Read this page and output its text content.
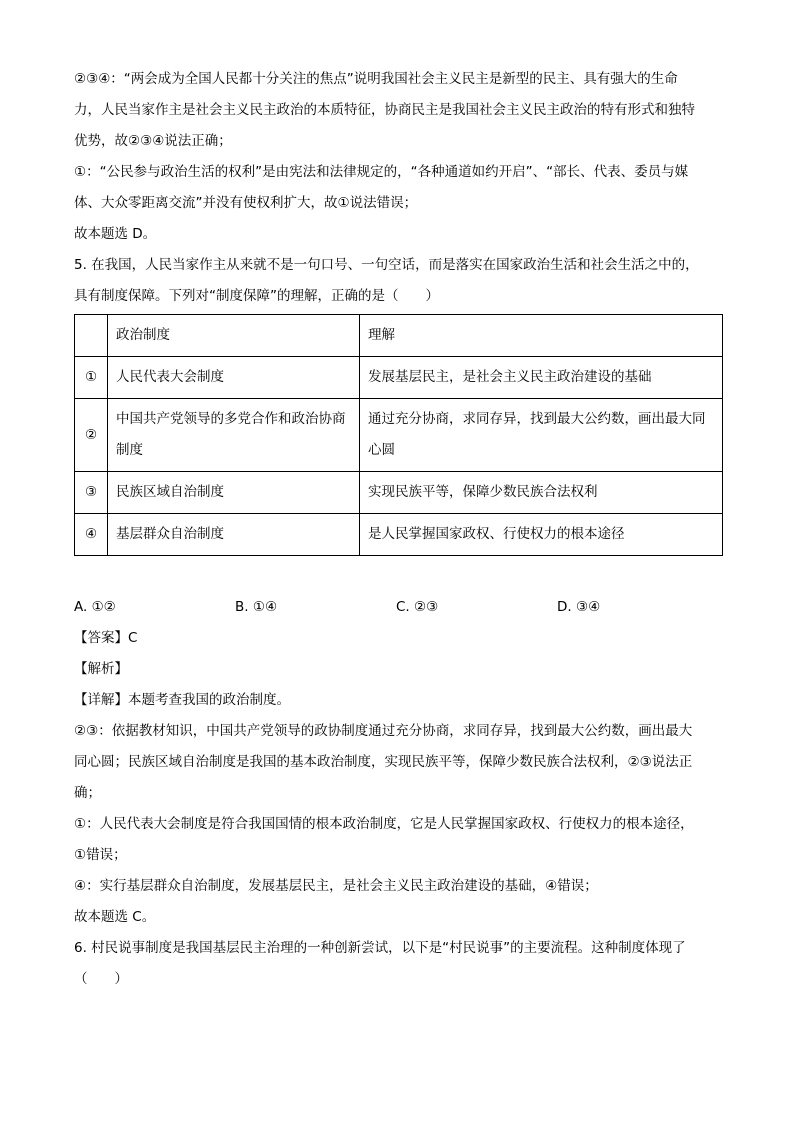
②③④：“两会成为全国人民都十分关注的焦点”说明我国社会主义民主是新型的民主、具有强大的生命

力，人民当家作主是社会主义民主政治的本质特征，协商民主是我国社会主义民主政治的特有形式和独特

优势，故②③④说法正确；

①：“公民参与政治生活的权利”是由宪法和法律规定的，“各种通道如约开启”、“部长、代表、委员与媒

体、大众零距离交流”并没有使权利扩大，故①说法错误；

故本题选 D。

5. 在我国，人民当家作主从来就不是一句口号、一句空话，而是落实在国家政治生活和社会生活之中的，

具有制度保障。下列对“制度保障”的理解，正确的是（　　）

	政治制度	理解
①	人民代表大会制度	发展基层民主，是社会主义民主政治建设的基础
②	中国共产党领导的多党合作和政治协商制度	通过充分协商，求同存异，找到最大公约数，画出最大同心圆
③	民族区域自治制度	实现民族平等，保障少数民族合法权利
④	基层群众自治制度	是人民掌握国家政权、行使权力的根本途径
A. ①②	B. ①④	C. ②③	D. ③④

【答案】C

【解析】

【详解】本题考查我国的政治制度。

②③：依据教材知识，中国共产党领导的政协制度通过充分协商，求同存异，找到最大公约数，画出最大

同心圆；民族区域自治制度是我国的基本政治制度，实现民族平等，保障少数民族合法权利，②③说法正

确；

①：人民代表大会制度是符合我国国情的根本政治制度，它是人民掌握国家政权、行使权力的根本途径，

①错误；

④：实行基层群众自治制度，发展基层民主，是社会主义民主政治建设的基础，④错误；

故本题选 C。

6. 村民说事制度是我国基层民主治理的一种创新尝试，以下是“村民说事”的主要流程。这种制度体现了

（　　）
